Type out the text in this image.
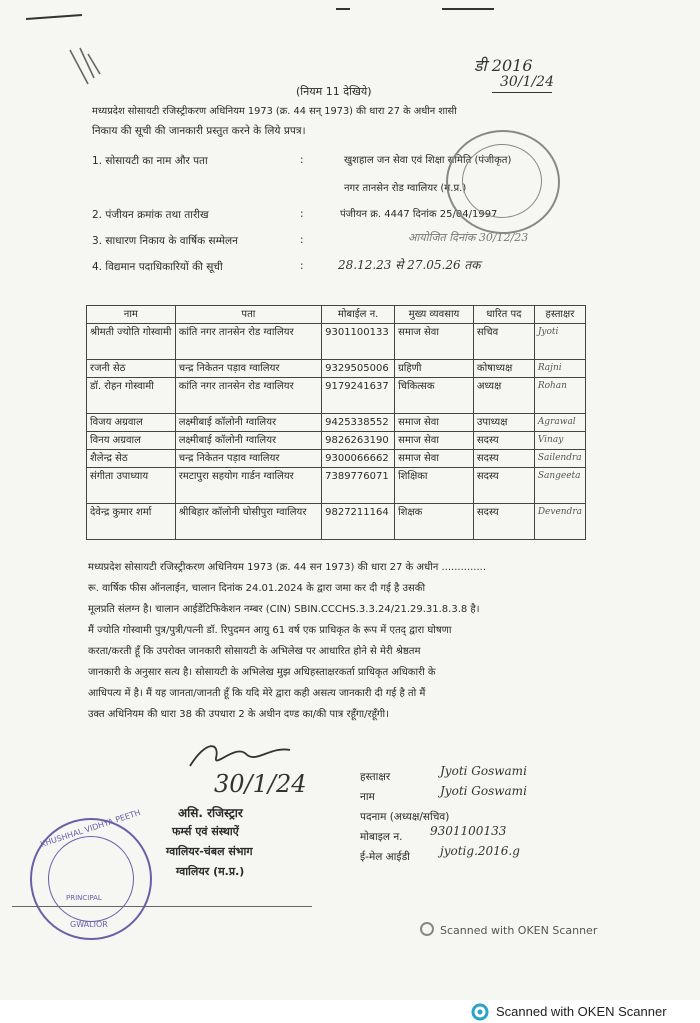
(नियम 11 देखिये)
डी 2016
30/1/24
मध्यप्रदेश सोसायटी रजिस्ट्रीकरण अधिनियम 1973 (क्र. 44 सन् 1973) की धारा 27 के अधीन शासी
निकाय की सूची की जानकारी प्रस्तुत करने के लिये प्रपत्र।
1. सोसायटी का नाम और पता	:	खुशहाल जन सेवा एवं शिक्षा समिति (पंजीकृत)
नगर तानसेन रोड ग्वालियर (म.प्र.)
2. पंजीयन क्रमांक तथा तारीख	:	पंजीयन क्र. 4447 दिनांक 25/04/1997
3. साधारण निकाय के वार्षिक सम्मेलन	:	आयोजित दिनांक 30/12/23
4. विद्यमान पदाधिकारियों की सूची	:	28.12.23 से 27.05.26 तक
नाम	पता	मोबाईल न.	मुख्य व्यवसाय	धारित पद	हस्ताक्षर
श्रीमती ज्योति गोस्वामी	कांति नगर तानसेन रोड ग्वालियर	9301100133	समाज सेवा	सचिव	Jyoti
रजनी सेठ	चन्द्र निकेतन पड़ाव ग्वालियर	9329505006	ग्रहिणी	कोषाध्यक्ष	Rajni
डॉ. रोहन गोस्वामी	कांति नगर तानसेन रोड ग्वालियर	9179241637	चिकित्सक	अध्यक्ष	Rohan
विजय अग्रवाल	लक्ष्मीबाई कॉलोनी ग्वालियर	9425338552	समाज सेवा	उपाध्यक्ष	Agrawal
विनय अग्रवाल	लक्ष्मीबाई कॉलोनी ग्वालियर	9826263190	समाज सेवा	सदस्य	Vinay
शैलेन्द्र सेठ	चन्द्र निकेतन पड़ाव ग्वालियर	9300066662	समाज सेवा	सदस्य	Sailendra
संगीता उपाध्याय	रमटापुरा सहयोग गार्डन ग्वालियर	7389776071	शिक्षिका	सदस्य	Sangeeta
देवेन्द्र कुमार शर्मा	श्रीबिहार कॉलोनी घोसीपुरा ग्वालियर	9827211164	शिक्षक	सदस्य	Devendra
मध्यप्रदेश सोसायटी रजिस्ट्रीकरण अधिनियम 1973 (क्र. 44 सन 1973) की धारा 27 के अधीन ..............
रू. वार्षिक फीस ऑनलाईन, चालान दिनांक 24.01.2024 के द्वारा जमा कर दी गई है उसकी
मूलप्रति संलग्न है। चालान आईडेंटिफिकेशन नम्बर (CIN) SBIN.CCCHS.3.3.24/21.29.31.8.3.8 है।
मैं ज्योति गोस्वामी पुत्र/पुत्री/पत्नी डॉ. रिपुदमन आयु 61 वर्ष एक प्राधिकृत के रूप में एतद् द्वारा घोषणा
करता/करती हूँ कि उपरोक्त जानकारी सोसायटी के अभिलेख पर आधारित होने से मेरी श्रेष्ठतम
जानकारी के अनुसार सत्य है। सोसायटी के अभिलेख मुझ अधिहस्ताक्षरकर्ता प्राधिकृत अधिकारी के
आधिपत्य में है। मैं यह जानता/जानती हूँ कि यदि मेरे द्वारा कही असत्य जानकारी दी गई है तो मैं
उक्त अधिनियम की धारा 38 की उपधारा 2 के अधीन दण्ड का/की पात्र रहूँगा/रहूँगी।
30/1/24
असि. रजिस्ट्रार
फर्म्स एवं संस्थाऐं
ग्वालियर-चंबल संभाग
ग्वालियर (म.प्र.)
हस्ताक्षर	Jyoti Goswami
नाम	Jyoti Goswami
पदनाम (अध्यक्ष/सचिव)
मोबाइल न. 9301100133
ई-मेल आईडी	jyotig.2016.g
KHUSHHAL VIDHYA PEETH
PRINCIPAL
GWALIOR	Scanned with OKEN Scanner
Scanned with OKEN Scanner
